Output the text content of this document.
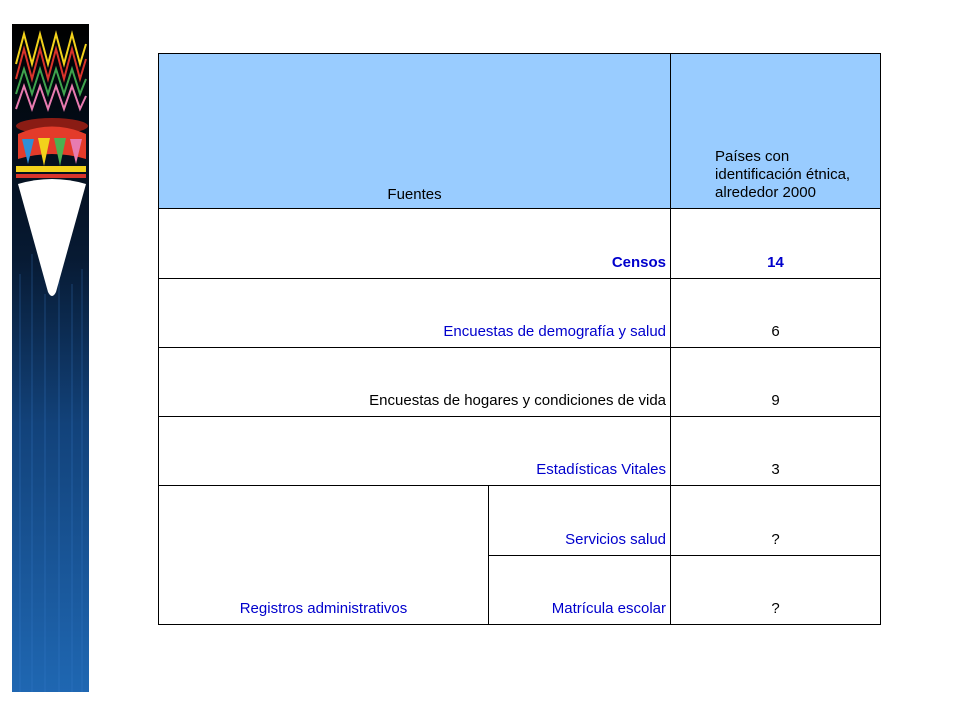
Fuentes		Países con identificación étnica, alrededor 2000
Censos		14
Encuestas de demografía y salud		6
Encuestas de hogares y condiciones de vida		9
Estadísticas Vitales		3
Registros administrativos	Servicios salud	?
	Matrícula escolar	?
